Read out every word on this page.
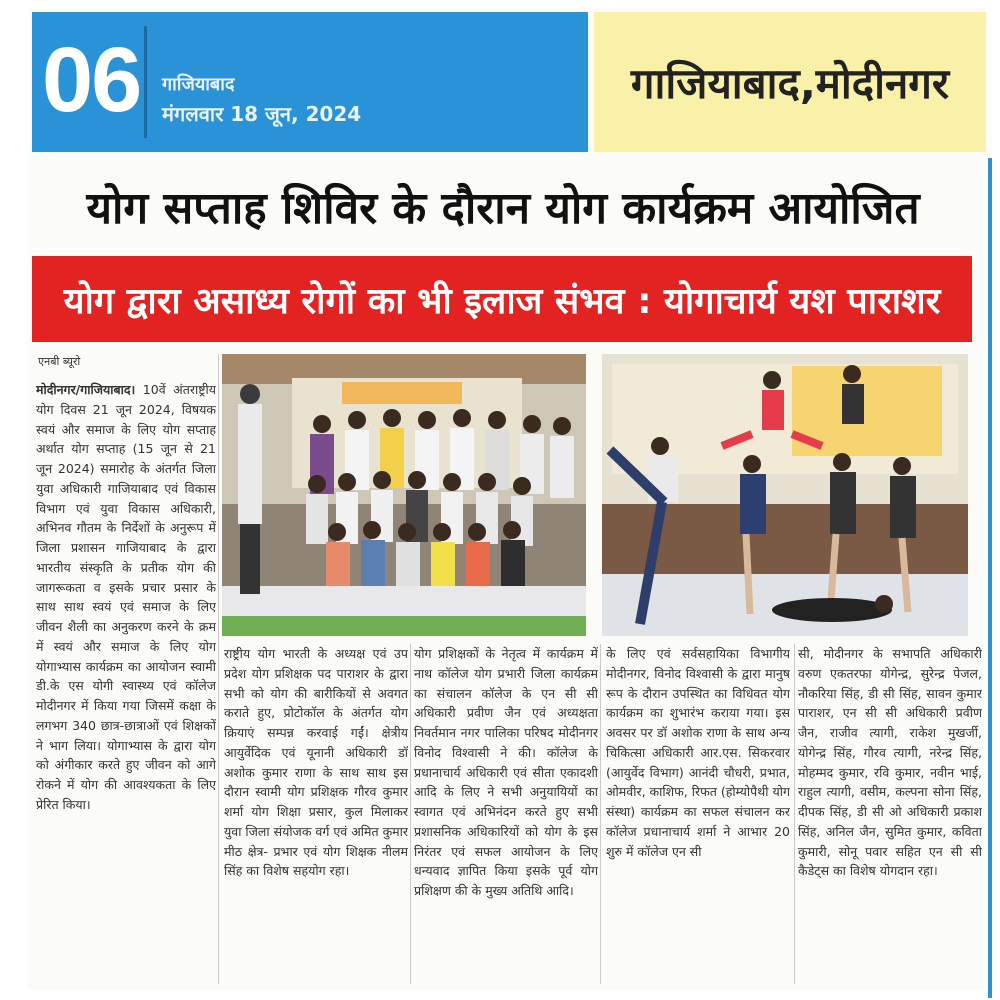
06 गाजियाबाद
मंगलवार 18 जून, 2024
गाजियाबाद,मोदीनगर
योग सप्ताह शिविर के दौरान योग कार्यक्रम आयोजित
योग द्वारा असाध्य रोगों का भी इलाज संभव : योगाचार्य यश पाराशर
एनबी ब्यूरो
मोदीनगर/गाजियाबाद। 10वें अंतराष्ट्रीय योग दिवस 21 जून 2024, विषयक स्वयं और समाज के लिए योग सप्ताह अर्थात योग सप्ताह (15 जून से 21 जून 2024) समारोह के अंतर्गत जिला युवा अधिकारी गाजियाबाद एवं विकास विभाग एवं युवा विकास अधिकारी, अभिनव गौतम के निर्देशों के अनुरूप में जिला प्रशासन गाजियाबाद के द्वारा भारतीय संस्कृति के प्रतीक योग की जागरूकता व इसके प्रचार प्रसार के साथ साथ स्वयं एवं समाज के लिए जीवन शैली का अनुकरण करने के क्रम में स्वयं और समाज के लिए योग योगाभ्यास कार्यक्रम का आयोजन स्वामी डी.के एस योगी स्वास्थ्य एवं कॉलेज मोदीनगर में किया गया जिसमें कक्षा के लगभग 340 छात्र-छात्राओं एवं शिक्षकों ने भाग लिया। योगाभ्यास के द्वारा योग को अंगीकार करते हुए जीवन को आगे रोकने में योग की आवश्यकता के लिए प्रेरित किया।
राष्ट्रीय योग भारती के अध्यक्ष एवं उप प्रदेश योग प्रशिक्षक पद पाराशर के द्वारा सभी को योग की बारीकियों से अवगत कराते हुए, प्रोटोकॉल के अंतर्गत योग क्रियाएं सम्पन्न करवाई गईं। क्षेत्रीय आयुर्वेदिक एवं यूनानी अधिकारी डॉ अशोक कुमार राणा के साथ साथ इस दौरान स्वामी योग प्रशिक्षक गौरव कुमार शर्मा योग शिक्षा प्रसार, कुल मिलाकर युवा जिला संयोजक वर्ग एवं अमित कुमार मीठ क्षेत्र- प्रभार एवं योग शिक्षक नीलम सिंह का विशेष सहयोग रहा।
योग प्रशिक्षकों के नेतृत्व में कार्यक्रम में नाथ कॉलेज योग प्रभारी जिला कार्यक्रम का संचालन कॉलेज के एन सी सी अधिकारी प्रवीण जैन एवं अध्यक्षता निवर्तमान नगर पालिका परिषद मोदीनगर विनोद विश्वासी ने की। कॉलेज के प्रधानाचार्य अधिकारी एवं सीता एकादशी आदि के लिए ने सभी अनुयायियों का स्वागत एवं अभिनंदन करते हुए सभी प्रशासनिक अधिकारियों को योग के इस निरंतर एवं सफल आयोजन के लिए धन्यवाद ज्ञापित किया इसके पूर्व योग प्रशिक्षण की के मुख्य अतिथि आदि।
के लिए एवं सर्वसहायिका विभागीय मोदीनगर, विनोद विश्वासी के द्वारा मानुष रूप के दौरान उपस्थित का विधिवत योग कार्यक्रम का शुभारंभ कराया गया। इस अवसर पर डॉ अशोक राणा के साथ अन्य चिकित्सा अधिकारी आर.एस. सिकरवार (आयुर्वेद विभाग) आनंदी चौधरी, प्रभात, ओमवीर, काशिफ, रिफत (होम्योपैथी योग संस्था) कार्यक्रम का सफल संचालन कर कॉलेज प्रधानाचार्य शर्मा ने आभार 20 शुरु में कॉलेज एन सी
सी, मोदीनगर के सभापति अधिकारी वरुण एकतरफा योगेन्द्र, सुरेन्द्र पेजल, नौकरिया सिंह, डी सी सिंह, सावन कुमार पाराशर, एन सी सी अधिकारी प्रवीण जैन, राजीव त्यागी, राकेश मुखर्जी, योगेन्द्र सिंह, गौरव त्यागी, नरेन्द्र सिंह, मोहम्मद कुमार, रवि कुमार, नवीन भाई, राहुल त्यागी, वसीम, कल्पना सोना सिंह, दीपक सिंह, डी सी ओ अधिकारी प्रकाश सिंह, अनिल जैन, सुमित कुमार, कविता कुमारी, सोनू पवार सहित एन सी सी कैडेट्स का विशेष योगदान रहा।
